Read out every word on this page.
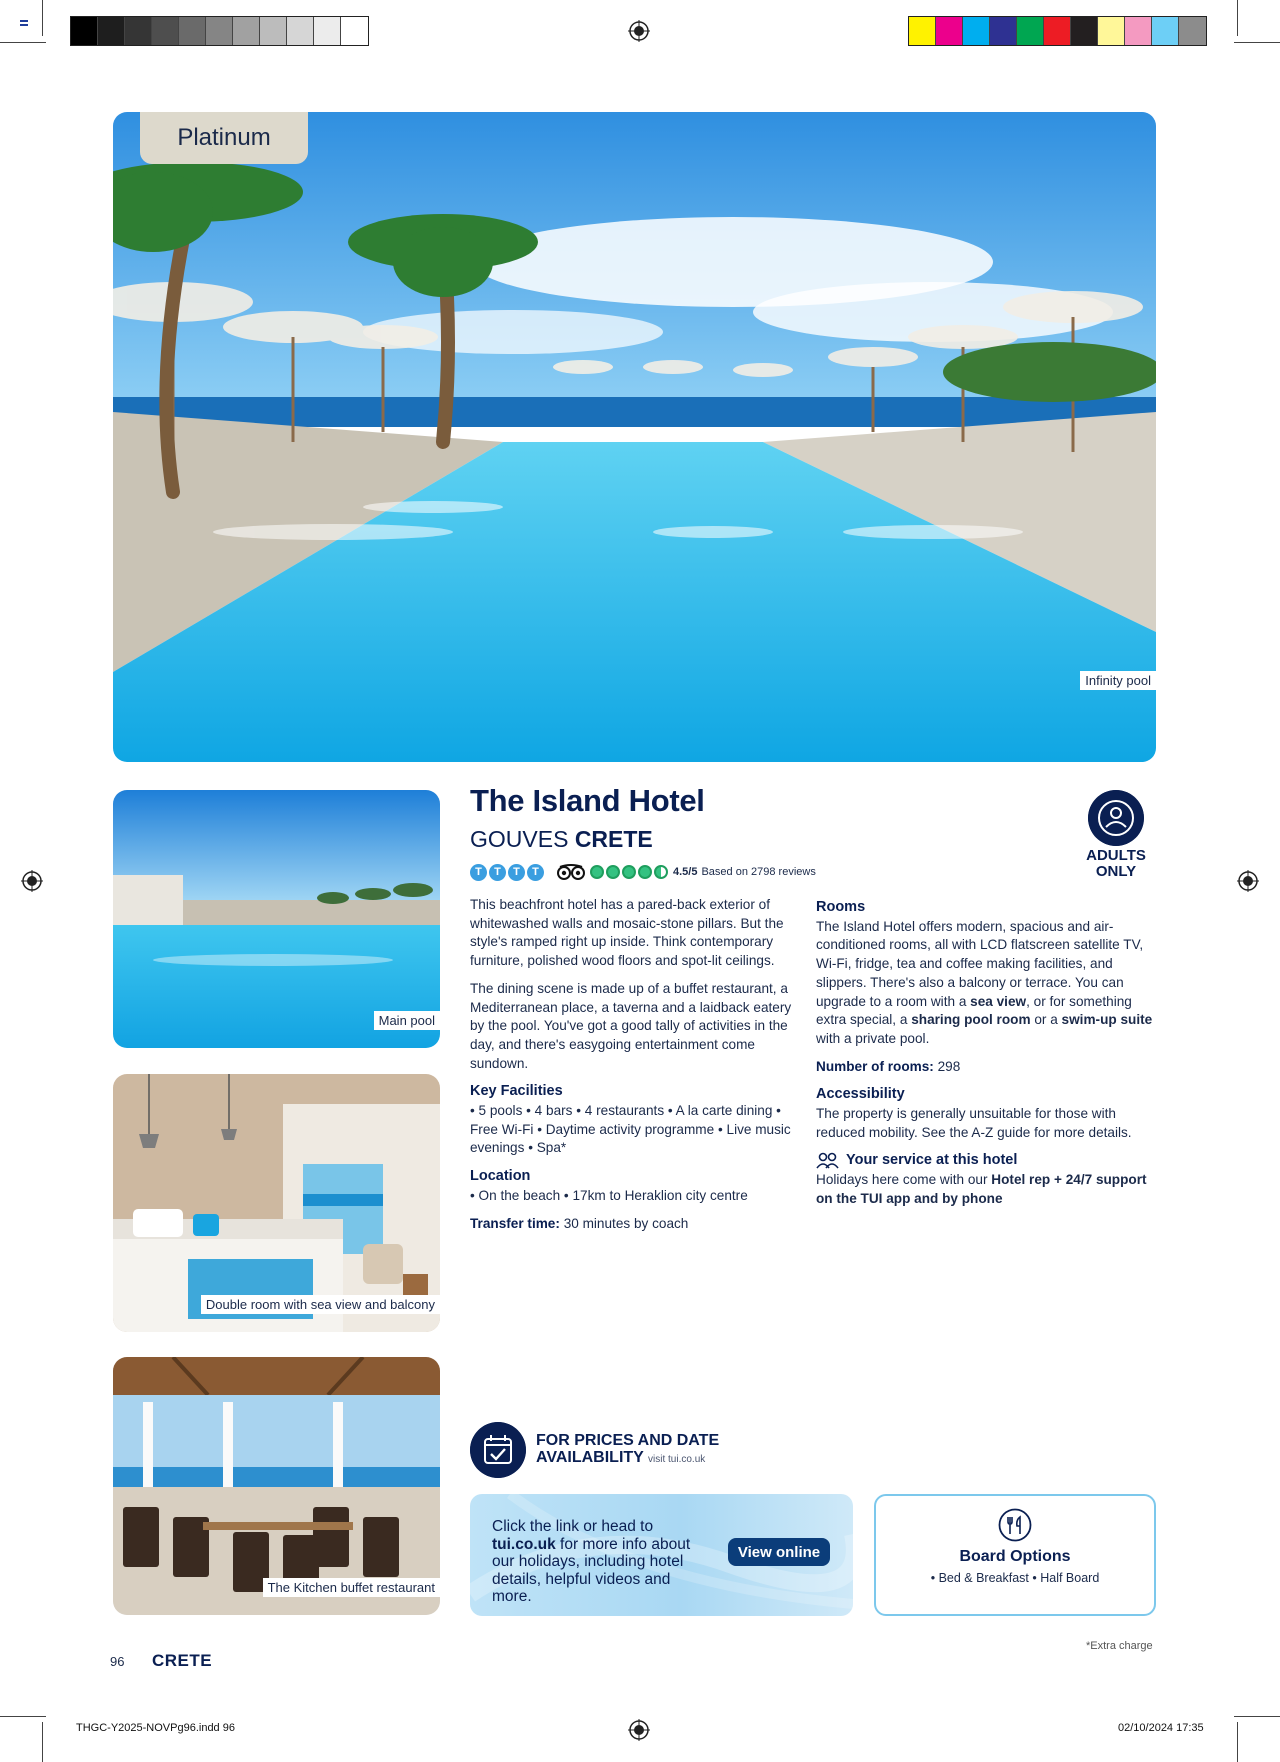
Infinity pool
Platinum
Main pool
Double room with sea view and balcony
The Kitchen buffet restaurant
The Island Hotel
GOUVES CRETE
T	T	T	T	4.5/5 Based on 2798 reviews
ADULTS ONLY

This beachfront hotel has a pared-back exterior of whitewashed walls and mosaic-stone pillars. But the style's ramped right up inside. Think contemporary furniture, polished wood floors and spot-lit ceilings.

The dining scene is made up of a buffet restaurant, a Mediterranean place, a taverna and a laidback eatery by the pool. You've got a good tally of activities in the day, and there's easygoing entertainment come sundown.

Key Facilities

• 5 pools • 4 bars • 4 restaurants • A la carte dining • Free Wi-Fi • Daytime activity programme • Live music evenings • Spa*

Location

• On the beach • 17km to Heraklion city centre

Transfer time: 30 minutes by coach

Rooms

The Island Hotel offers modern, spacious and air-conditioned rooms, all with LCD flatscreen satellite TV, Wi-Fi, fridge, tea and coffee making facilities, and slippers. There's also a balcony or terrace. You can upgrade to a room with a sea view, or for something extra special, a sharing pool room or a swim-up suite with a private pool.

Number of rooms: 298

Accessibility

The property is generally unsuitable for those with reduced mobility. See the A-Z guide for more details.

Your service at this hotel

Holidays here come with our Hotel rep + 24/7 support on the TUI app and by phone

FOR PRICES AND DATE
AVAILABILITY visit tui.co.uk
Click the link or head to tui.co.uk for more info about our holidays, including hotel details, helpful videos and more.
View online	Board Options
• Bed & Breakfast • Half Board
*Extra charge
96 CRETE
THGC-Y2025-NOVPg96.indd 96	02/10/2024 17:35
